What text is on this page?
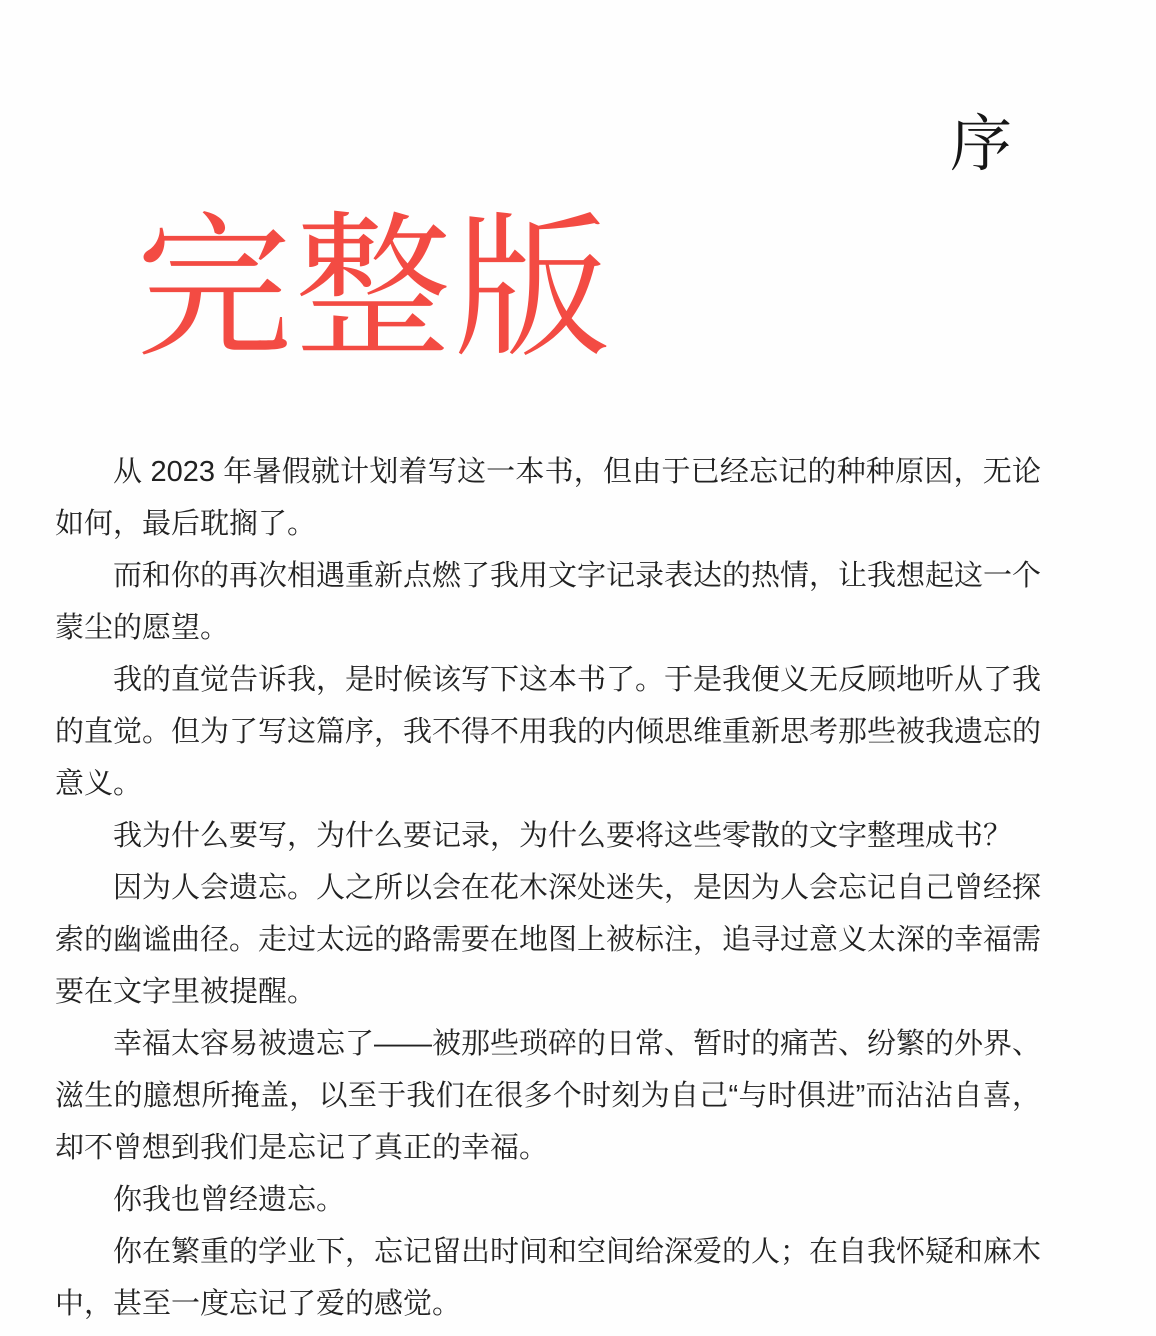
序
完整版

从 2023 年暑假就计划着写这一本书，但由于已经忘记的种种原因，无论如何，最后耽搁了。

而和你的再次相遇重新点燃了我用文字记录表达的热情，让我想起这一个蒙尘的愿望。

我的直觉告诉我，是时候该写下这本书了。于是我便义无反顾地听从了我的直觉。但为了写这篇序，我不得不用我的内倾思维重新思考那些被我遗忘的意义。

我为什么要写，为什么要记录，为什么要将这些零散的文字整理成书？

因为人会遗忘。人之所以会在花木深处迷失，是因为人会忘记自己曾经探索的幽谧曲径。走过太远的路需要在地图上被标注，追寻过意义太深的幸福需要在文字里被提醒。

幸福太容易被遗忘了——被那些琐碎的日常、暂时的痛苦、纷繁的外界、滋生的臆想所掩盖，以至于我们在很多个时刻为自己“与时俱进”而沾沾自喜，却不曾想到我们是忘记了真正的幸福。

你我也曾经遗忘。

你在繁重的学业下，忘记留出时间和空间给深爱的人；在自我怀疑和麻木中，甚至一度忘记了爱的感觉。
